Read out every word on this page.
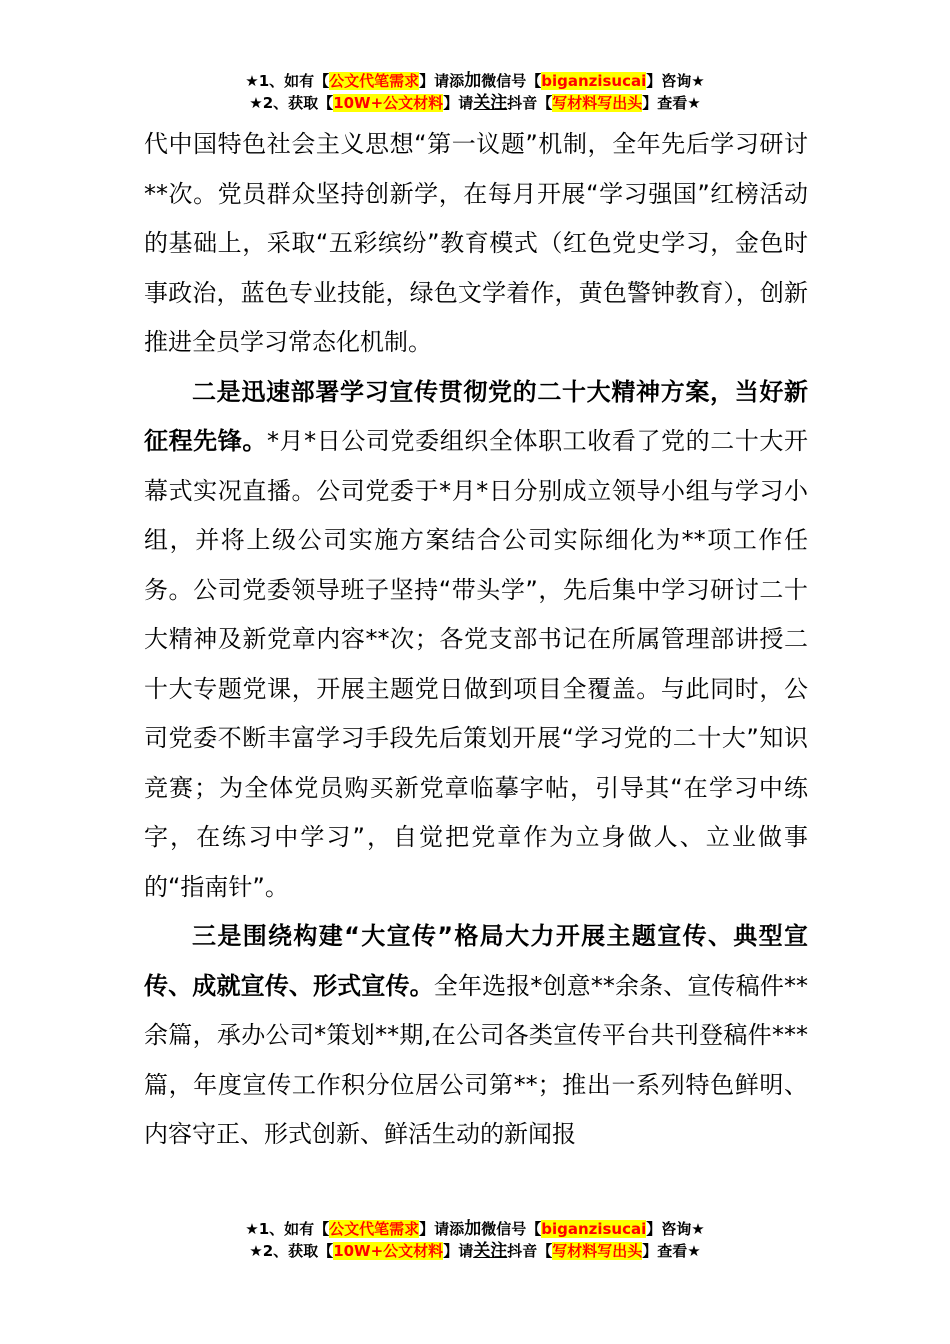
★1、如有【公文代笔需求】请添加微信号【biganzisucai】咨询★
★2、获取【10W+公文材料】请关注抖音【写材料写出头】查看★

代中国特色社会主义思想“第一议题”机制，全年先后学习研讨**次。党员群众坚持创新学，在每月开展“学习强国”红榜活动的基础上，采取“五彩缤纷”教育模式（红色党史学习，金色时事政治，蓝色专业技能，绿色文学着作，黄色警钟教育），创新推进全员学习常态化机制。

二是迅速部署学习宣传贯彻党的二十大精神方案，当好新征程先锋。*月*日公司党委组织全体职工收看了党的二十大开幕式实况直播。公司党委于*月*日分别成立领导小组与学习小组，并将上级公司实施方案结合公司实际细化为**项工作任务。公司党委领导班子坚持“带头学”，先后集中学习研讨二十大精神及新党章内容**次；各党支部书记在所属管理部讲授二十大专题党课，开展主题党日做到项目全覆盖。与此同时，公司党委不断丰富学习手段先后策划开展“学习党的二十大”知识竞赛；为全体党员购买新党章临摹字帖，引导其“在学习中练字，在练习中学习”，自觉把党章作为立身做人、立业做事的“指南针”。

三是围绕构建“大宣传”格局大力开展主题宣传、典型宣传、成就宣传、形式宣传。全年选报*创意**余条、宣传稿件**余篇，承办公司*策划**期,在公司各类宣传平台共刊登稿件***篇，年度宣传工作积分位居公司第**；推出一系列特色鲜明、内容守正、形式创新、鲜活生动的新闻报

★1、如有【公文代笔需求】请添加微信号【biganzisucai】咨询★
★2、获取【10W+公文材料】请关注抖音【写材料写出头】查看★
